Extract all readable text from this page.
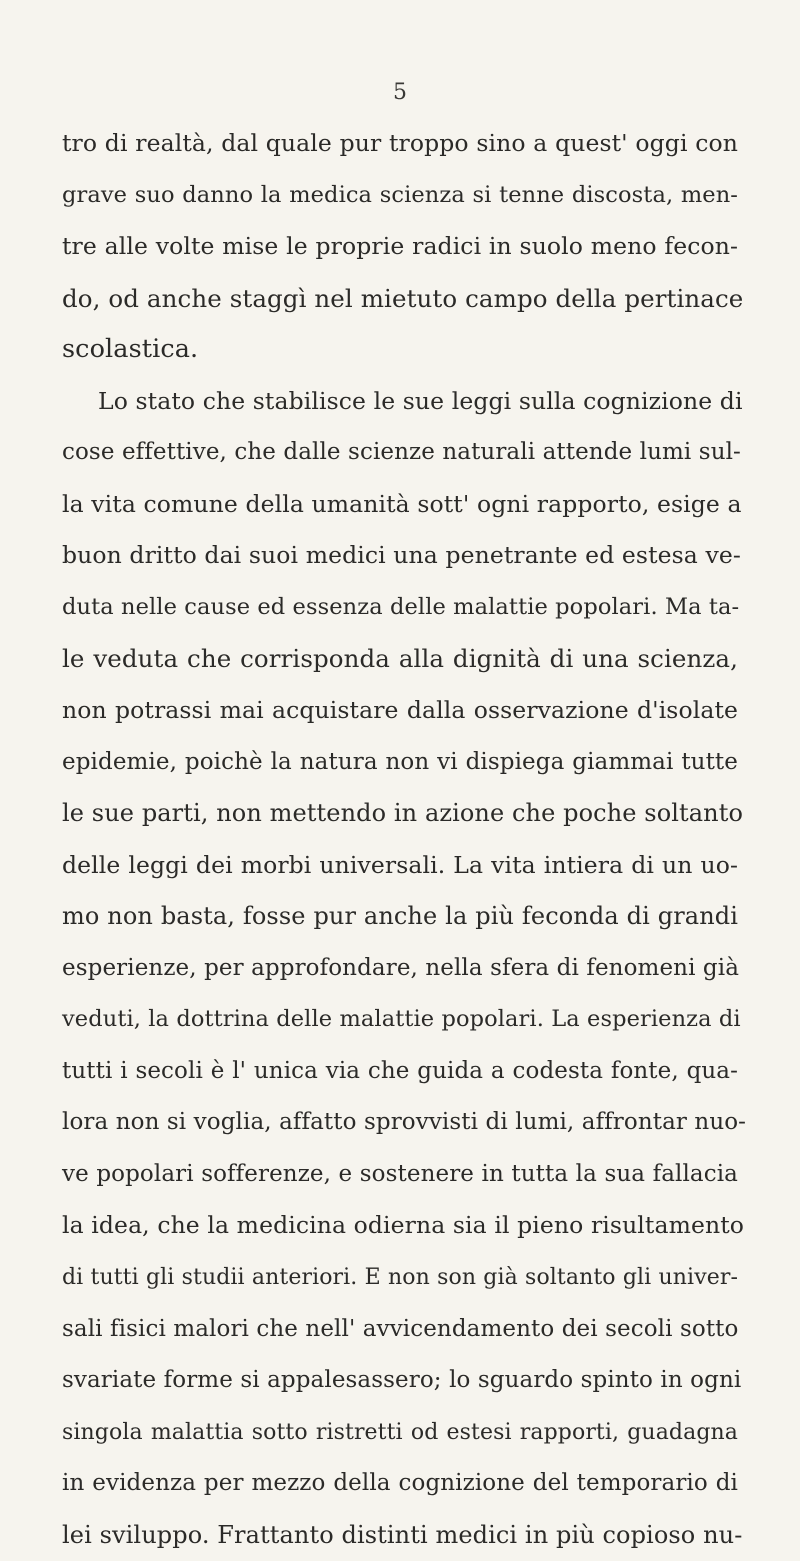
5
tro di realtà, dal quale pur troppo sino a quest' oggi con
grave suo danno la medica scienza si tenne discosta, men-
tre alle volte mise le proprie radici in suolo meno fecon-
do, od anche staggì nel mietuto campo della pertinace
scolastica.
Lo stato che stabilisce le sue leggi sulla cognizione di
cose effettive, che dalle scienze naturali attende lumi sul-
la vita comune della umanità sott' ogni rapporto, esige a
buon dritto dai suoi medici una penetrante ed estesa ve-
duta nelle cause ed essenza delle malattie popolari. Ma ta-
le veduta che corrisponda alla dignità di una scienza,
non potrassi mai acquistare dalla osservazione d'isolate
epidemie, poichè la natura non vi dispiega giammai tutte
le sue parti, non mettendo in azione che poche soltanto
delle leggi dei morbi universali. La vita intiera di un uo-
mo non basta, fosse pur anche la più feconda di grandi
esperienze, per approfondare, nella sfera di fenomeni già
veduti, la dottrina delle malattie popolari. La esperienza di
tutti i secoli è l' unica via che guida a codesta fonte, qua-
lora non si voglia, affatto sprovvisti di lumi, affrontar nuo-
ve popolari sofferenze, e sostenere in tutta la sua fallacia
la idea, che la medicina odierna sia il pieno risultamento
di tutti gli studii anteriori. E non son già soltanto gli univer-
sali fisici malori che nell' avvicendamento dei secoli sotto
svariate forme si appalesassero; lo sguardo spinto in ogni
singola malattia sotto ristretti od estesi rapporti, guadagna
in evidenza per mezzo della cognizione del temporario di
lei sviluppo. Frattanto distinti medici in più copioso nu-
